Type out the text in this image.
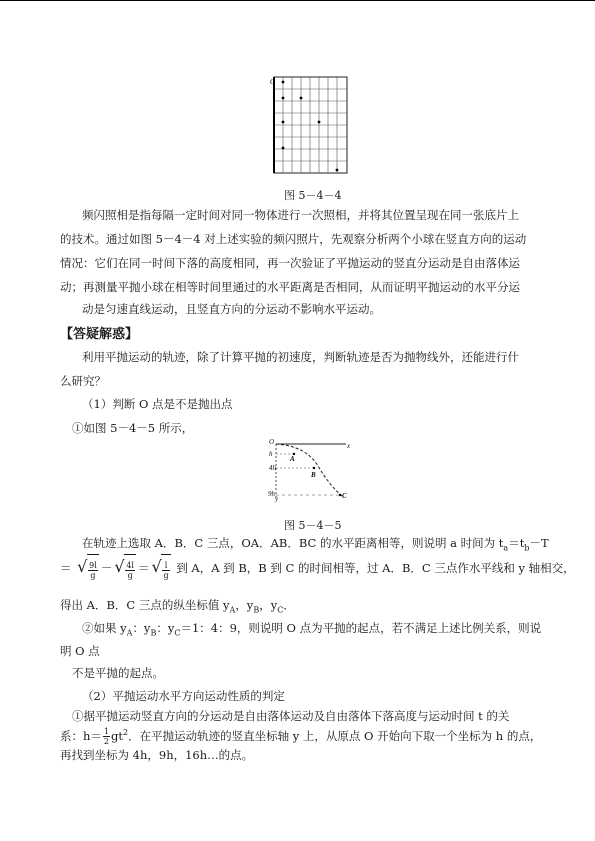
O
图 5－4－4
频闪照相是指每隔一定时间对同一物体进行一次照相，并将其位置呈现在同一张底片上
的技术。通过如图 5－4－4 对上述实验的频闪照片，先观察分析两个小球在竖直方向的运动
情况：它们在同一时间下落的高度相同，再一次验证了平抛运动的竖直分运动是自由落体运
动；再测量平抛小球在相等时间里通过的水平距离是否相同，从而证明平抛运动的水平分运
动是匀速直线运动，且竖直方向的分运动不影响水平运动。
【答疑解惑】
利用平抛运动的轨迹，除了计算平抛的初速度，判断轨迹是否为抛物线外，还能进行什
么研究？
（1）判断 O 点是不是抛出点
①如图 5－4－5 所示，
O	x
h
A
4h
B
9h
y	C
图 5－4－5
在轨迹上选取 A．B．C 三点，OA．AB．BC 的水平距离相等，则说明 a 时间为 $t_a=t_b-T$
＝ √ $\frac{9l}{g}$ － √ $\frac{4l}{g}$ ＝ √ $\frac{l}{g}$ 到 A，A 到 B，B 到 C 的时间相等，过 A．B．C 三点作水平线和 y 轴相交，
得出 A．B．C 三点的纵坐标值 $y_A$，$y_B$，$y_C$．
②如果 $y_A$：$y_B$：$y_C=1$：4：9，则说明 O 点为平抛的起点，若不满足上述比例关系，则说
明 O 点
不是平抛的起点。
（2）平抛运动水平方向运动性质的判定
①据平抛运动竖直方向的分运动是自由落体运动及自由落体下落高度与运动时间 t 的关
系：$h= \frac{1}{2} gt^2$．在平抛运动轨迹的竖直坐标轴 y 上，从原点 O 开始向下取一个坐标为 h 的点，
再找到坐标为 4h，9h，16h…的点。
